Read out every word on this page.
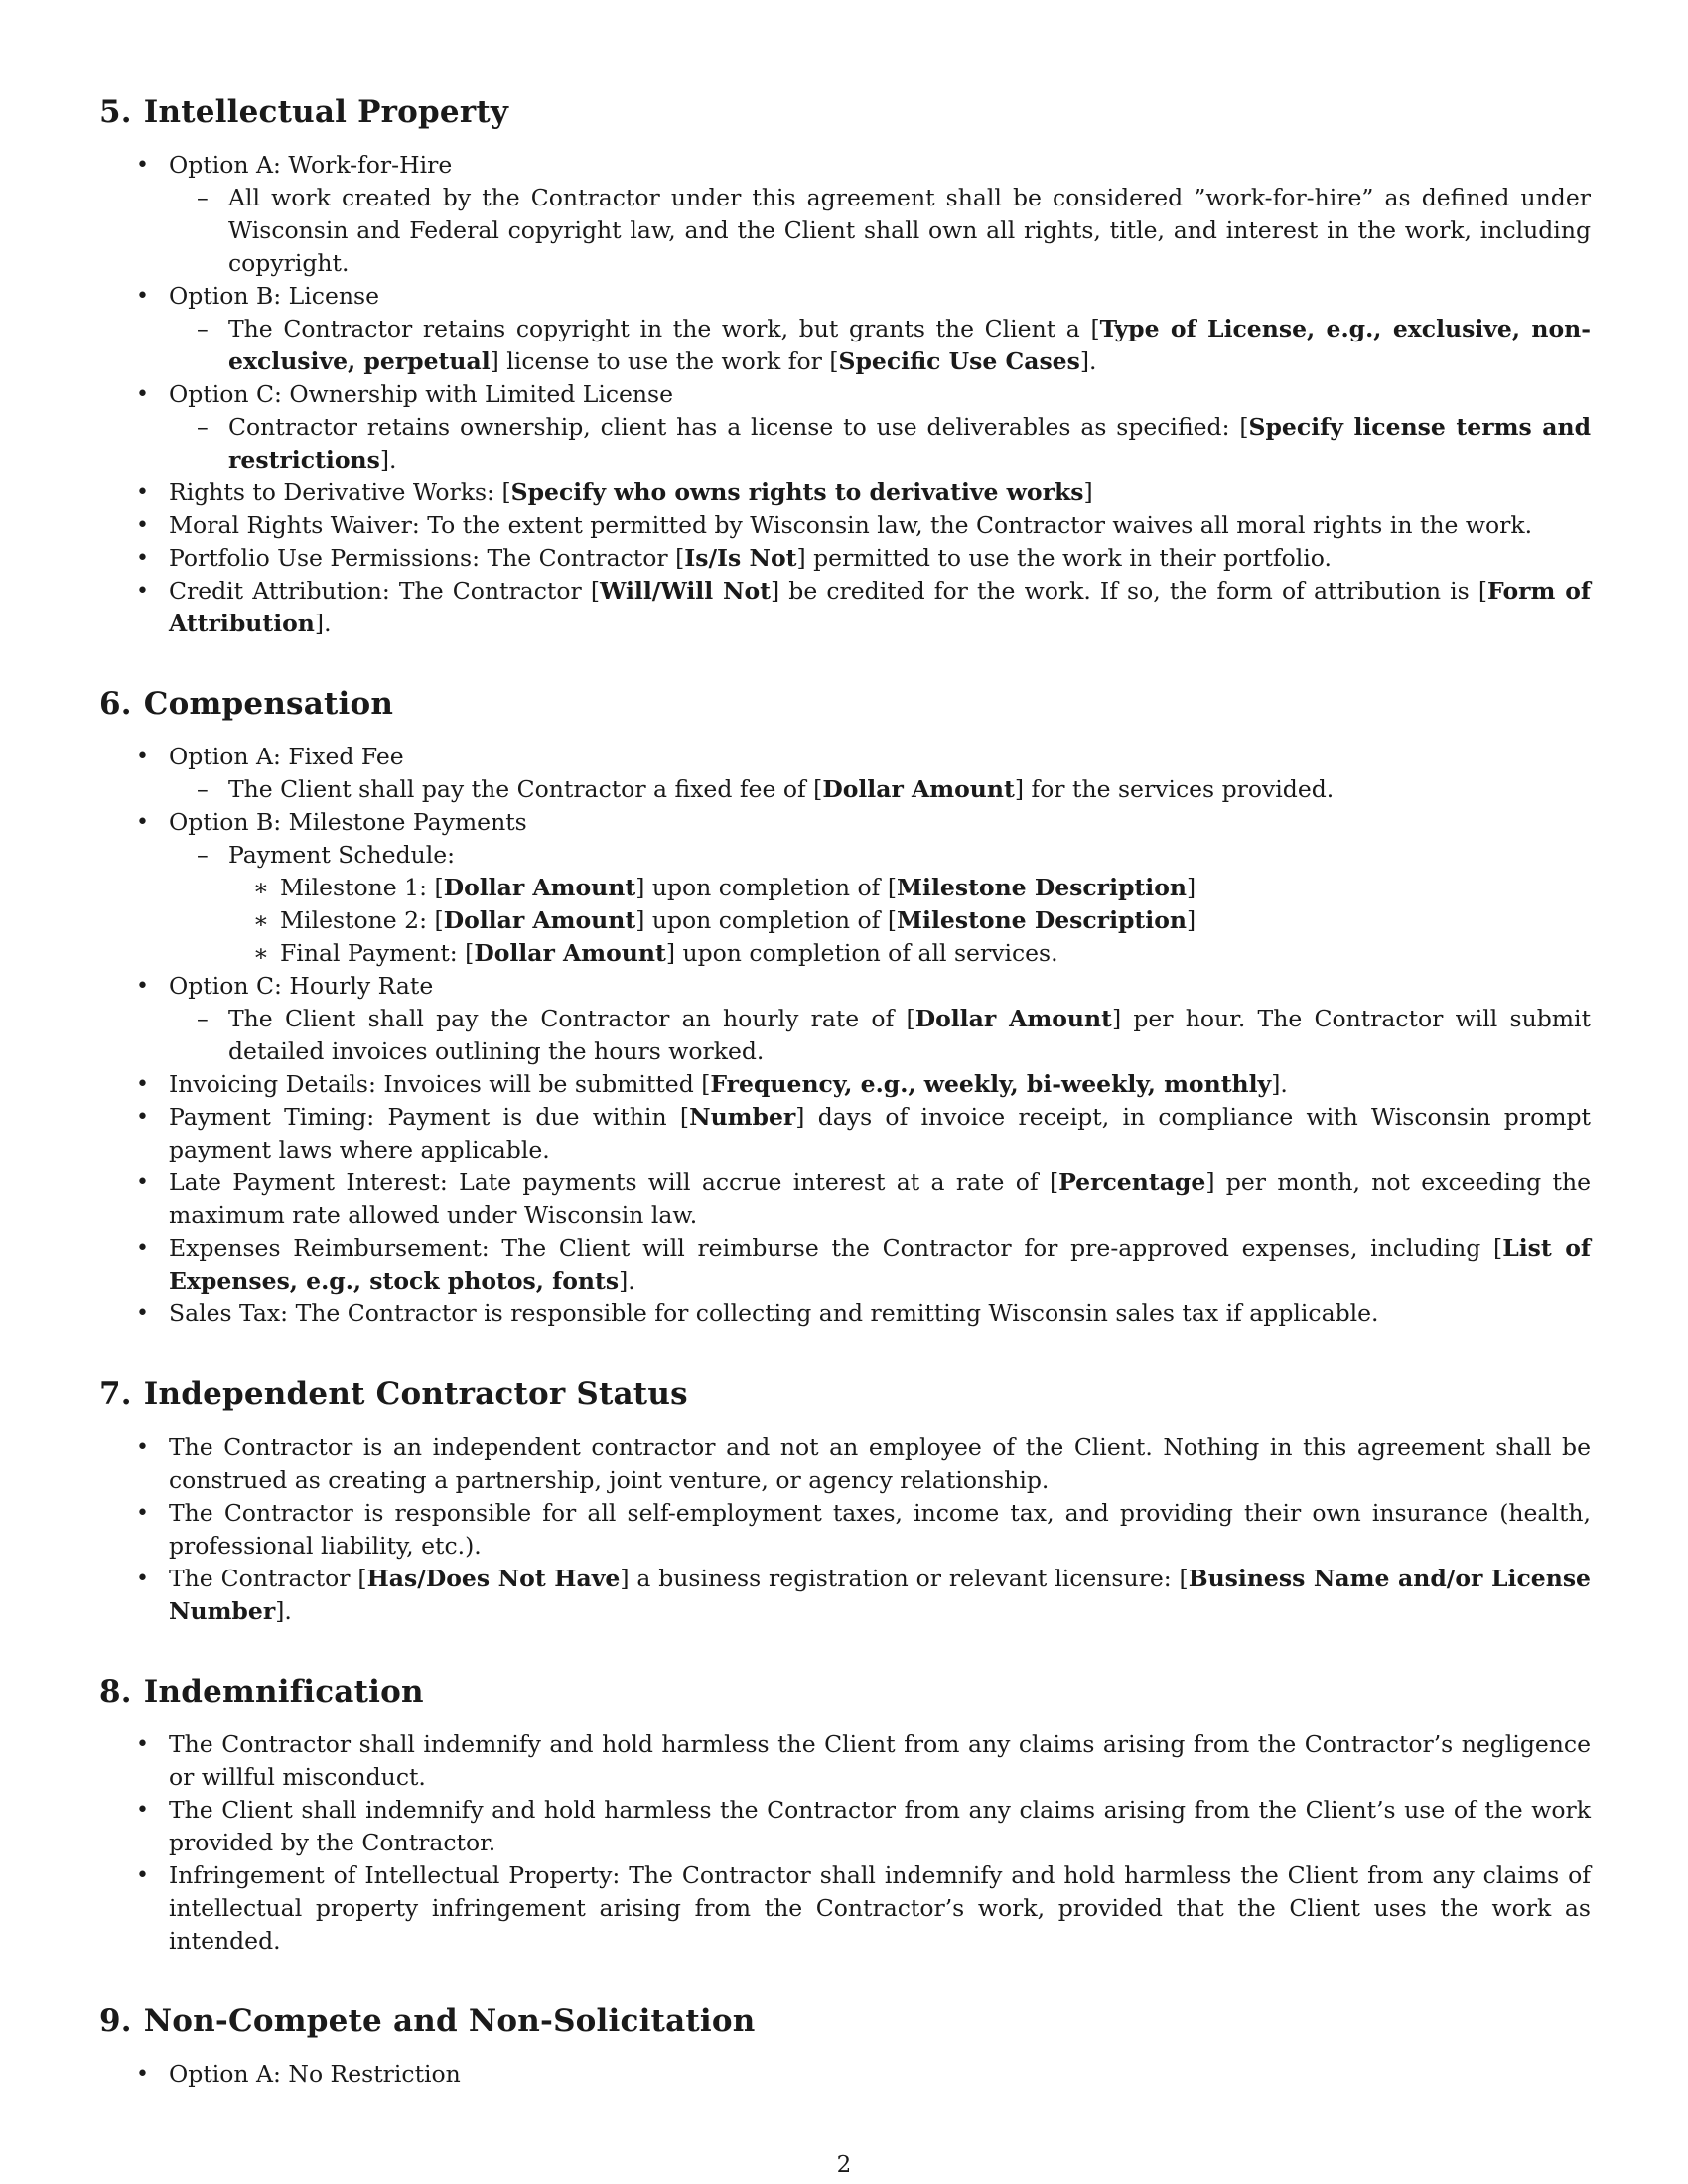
5. Intellectual Property
• Option A: Work-for-Hire
– All work created by the Contractor under this agreement shall be considered ”work-for-hire” as defined under Wisconsin and Federal copyright law, and the Client shall own all rights, title, and interest in the work, including copyright.
• Option B: License
– The Contractor retains copyright in the work, but grants the Client a [Type of License, e.g., exclusive, non-exclusive, perpetual] license to use the work for [Specific Use Cases].
• Option C: Ownership with Limited License
– Contractor retains ownership, client has a license to use deliverables as specified: [Specify license terms and restrictions].
• Rights to Derivative Works: [Specify who owns rights to derivative works]
• Moral Rights Waiver: To the extent permitted by Wisconsin law, the Contractor waives all moral rights in the work.
• Portfolio Use Permissions: The Contractor [Is/Is Not] permitted to use the work in their portfolio.
• Credit Attribution: The Contractor [Will/Will Not] be credited for the work. If so, the form of attribution is [Form of Attribution].
6. Compensation
• Option A: Fixed Fee
– The Client shall pay the Contractor a fixed fee of [Dollar Amount] for the services provided.
• Option B: Milestone Payments
– Payment Schedule:
∗ Milestone 1: [Dollar Amount] upon completion of [Milestone Description]
∗ Milestone 2: [Dollar Amount] upon completion of [Milestone Description]
∗ Final Payment: [Dollar Amount] upon completion of all services.
• Option C: Hourly Rate
– The Client shall pay the Contractor an hourly rate of [Dollar Amount] per hour. The Contractor will submit detailed invoices outlining the hours worked.
• Invoicing Details: Invoices will be submitted [Frequency, e.g., weekly, bi-weekly, monthly].
• Payment Timing: Payment is due within [Number] days of invoice receipt, in compliance with Wisconsin prompt payment laws where applicable.
• Late Payment Interest: Late payments will accrue interest at a rate of [Percentage] per month, not exceeding the maximum rate allowed under Wisconsin law.
• Expenses Reimbursement: The Client will reimburse the Contractor for pre-approved expenses, including [List of Expenses, e.g., stock photos, fonts].
• Sales Tax: The Contractor is responsible for collecting and remitting Wisconsin sales tax if applicable.
7. Independent Contractor Status
• The Contractor is an independent contractor and not an employee of the Client. Nothing in this agreement shall be construed as creating a partnership, joint venture, or agency relationship.
• The Contractor is responsible for all self-employment taxes, income tax, and providing their own insurance (health, professional liability, etc.).
• The Contractor [Has/Does Not Have] a business registration or relevant licensure: [Business Name and/or License Number].
8. Indemnification
• The Contractor shall indemnify and hold harmless the Client from any claims arising from the Contractor’s negligence or willful misconduct.
• The Client shall indemnify and hold harmless the Contractor from any claims arising from the Client’s use of the work provided by the Contractor.
• Infringement of Intellectual Property: The Contractor shall indemnify and hold harmless the Client from any claims of intellectual property infringement arising from the Contractor’s work, provided that the Client uses the work as intended.
9. Non-Compete and Non-Solicitation
• Option A: No Restriction
2
